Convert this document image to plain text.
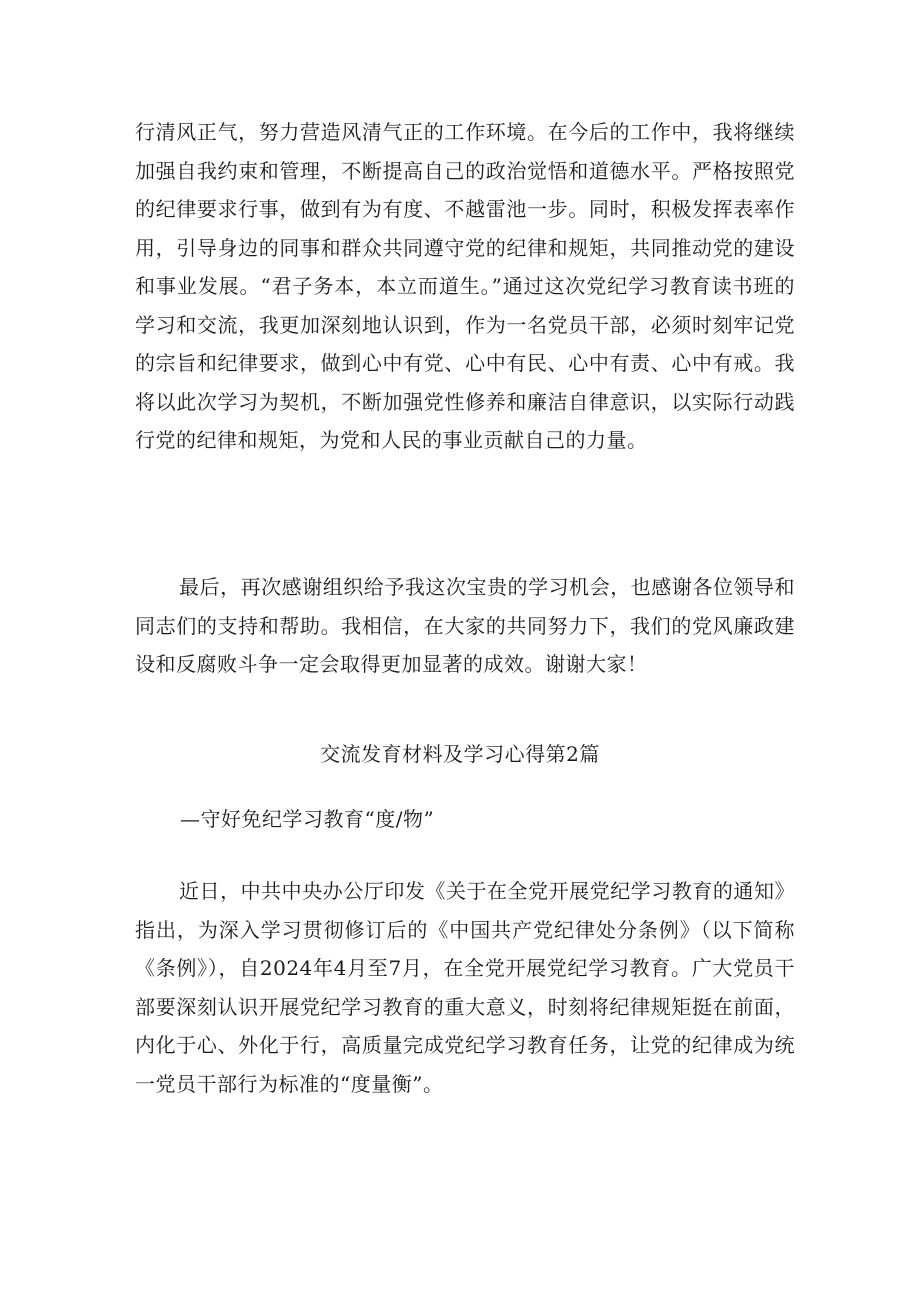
行清风正气，努力营造风清气正的工作环境。在今后的工作中，我将继续加强自我约束和管理，不断提高自己的政治觉悟和道德水平。严格按照党的纪律要求行事，做到有为有度、不越雷池一步。同时，积极发挥表率作用，引导身边的同事和群众共同遵守党的纪律和规矩，共同推动党的建设和事业发展。“君子务本，本立而道生。”通过这次党纪学习教育读书班的学习和交流，我更加深刻地认识到，作为一名党员干部，必须时刻牢记党的宗旨和纪律要求，做到心中有党、心中有民、心中有责、心中有戒。我将以此次学习为契机，不断加强党性修养和廉洁自律意识，以实际行动践行党的纪律和规矩，为党和人民的事业贡献自己的力量。

最后，再次感谢组织给予我这次宝贵的学习机会，也感谢各位领导和同志们的支持和帮助。我相信，在大家的共同努力下，我们的党风廉政建设和反腐败斗争一定会取得更加显著的成效。谢谢大家！

交流发育材料及学习心得第2篇

—守好免纪学习教育“度/物”

近日，中共中央办公厅印发《关于在全党开展党纪学习教育的通知》指出，为深入学习贯彻修订后的《中国共产党纪律处分条例》（以下简称《条例》），自2024年4月至7月，在全党开展党纪学习教育。广大党员干部要深刻认识开展党纪学习教育的重大意义，时刻将纪律规矩挺在前面，内化于心、外化于行，高质量完成党纪学习教育任务，让党的纪律成为统一党员干部行为标准的“度量衡”。
